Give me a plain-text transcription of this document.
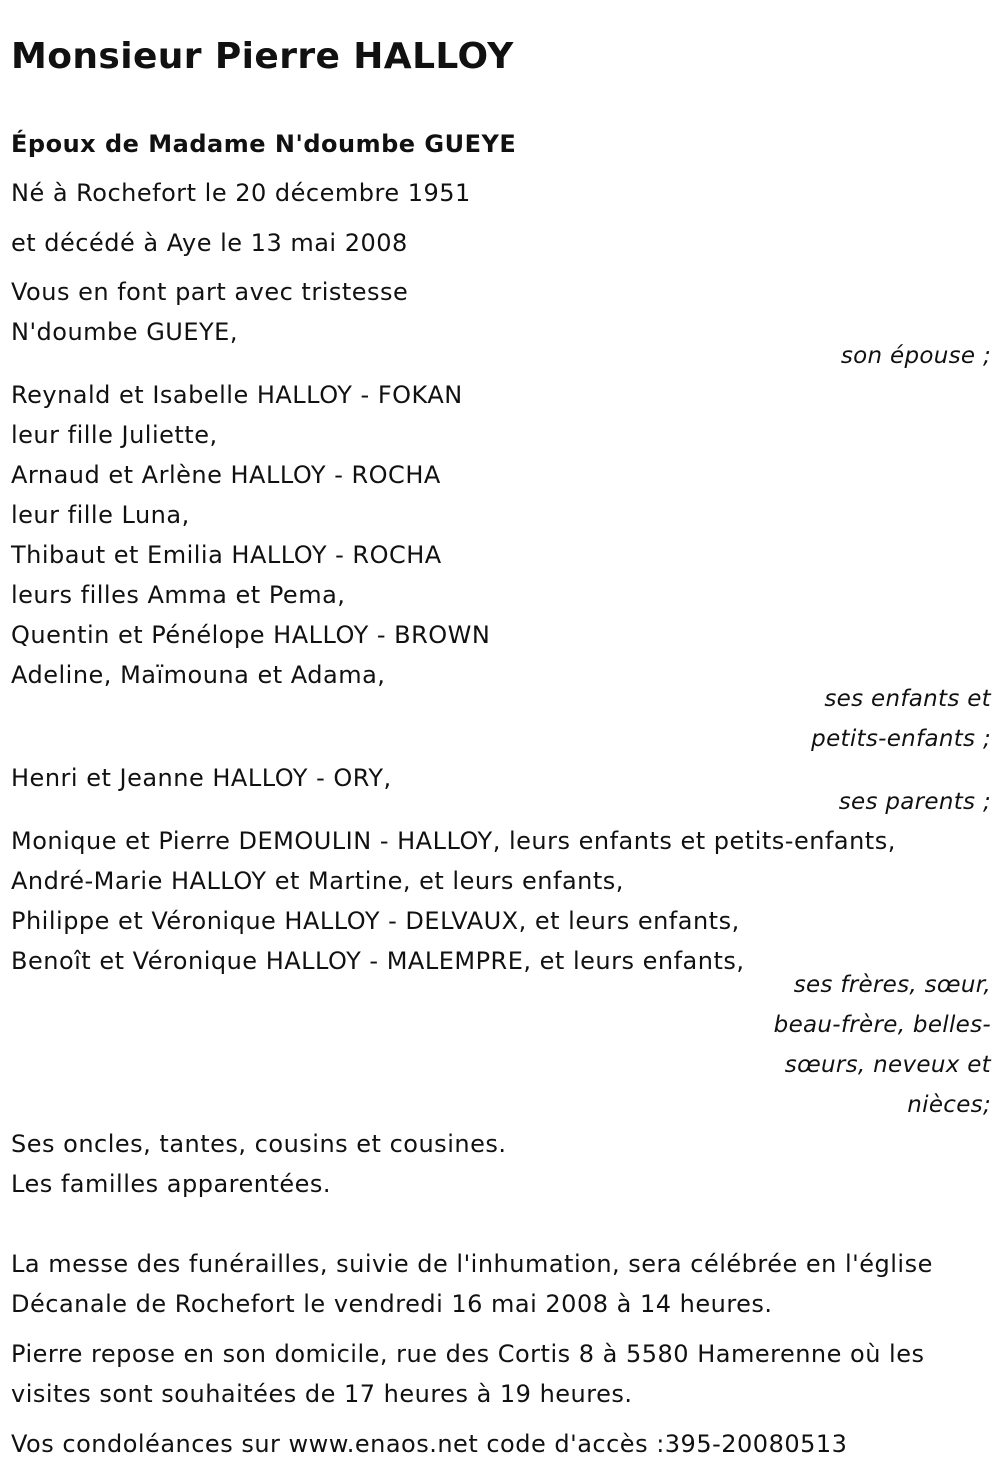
Monsieur Pierre HALLOY

Époux de Madame N'doumbe GUEYE

Né à Rochefort le 20 décembre 1951

et décédé à Aye le 13 mai 2008

Vous en font part avec tristesse

N'doumbe GUEYE,

son épouse ;

Reynald et Isabelle HALLOY - FOKAN

leur fille Juliette,

Arnaud et Arlène HALLOY - ROCHA

leur fille Luna,

Thibaut et Emilia HALLOY - ROCHA

leurs filles Amma et Pema,

Quentin et Pénélope HALLOY - BROWN

Adeline, Maïmouna et Adama,

ses enfants et

petits-enfants ;

Henri et Jeanne HALLOY - ORY,

ses parents ;

Monique et Pierre DEMOULIN - HALLOY, leurs enfants et petits-enfants,

André-Marie HALLOY et Martine, et leurs enfants,

Philippe et Véronique HALLOY - DELVAUX, et leurs enfants,

Benoît et Véronique HALLOY - MALEMPRE, et leurs enfants,

ses frères, sœur,

beau-frère, belles-

sœurs, neveux et

nièces;

Ses oncles, tantes, cousins et cousines.

Les familles apparentées.

La messe des funérailles, suivie de l'inhumation, sera célébrée en l'église

Décanale de Rochefort le vendredi 16 mai 2008 à 14 heures.

Pierre repose en son domicile, rue des Cortis 8 à 5580 Hamerenne où les

visites sont souhaitées de 17 heures à 19 heures.

Vos condoléances sur www.enaos.net code d'accès :395-20080513
